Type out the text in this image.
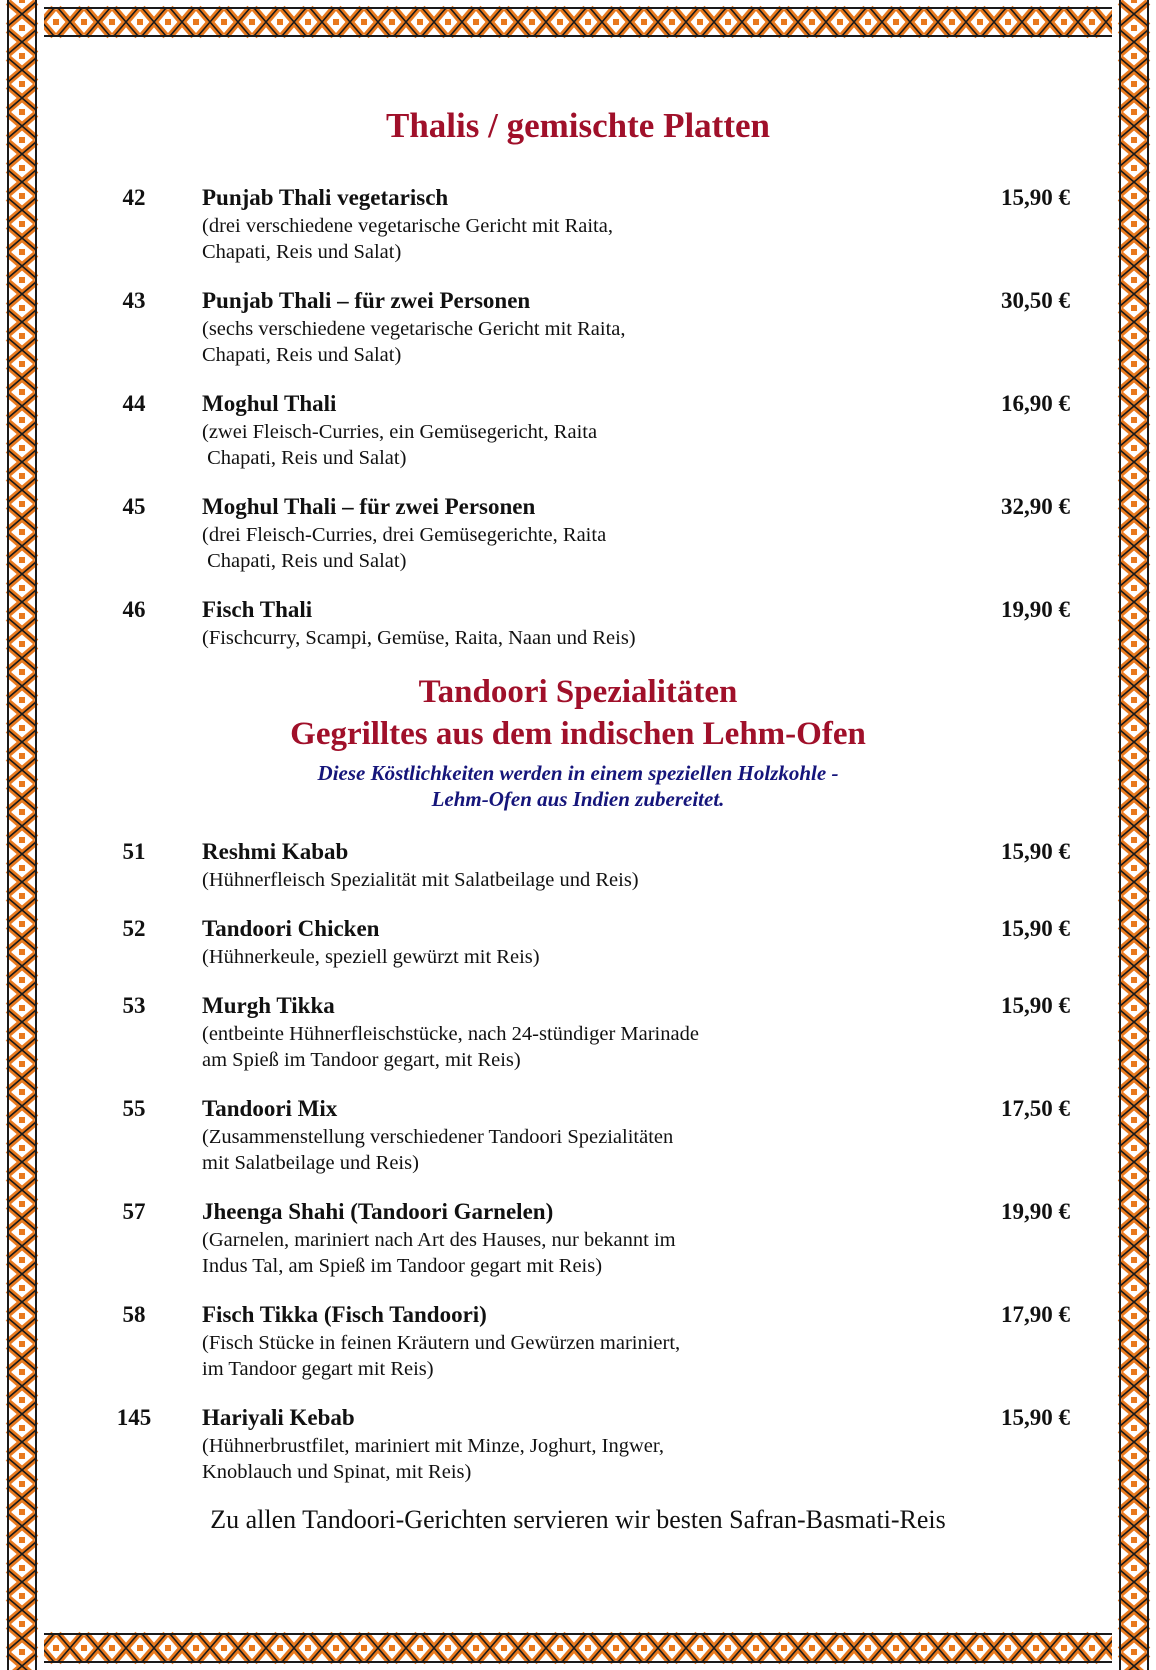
Thalis / gemischte Platten
42	Punjab Thali vegetarisch	15,90 €

(drei verschiedene vegetarische Gericht mit Raita,
Chapati, Reis und Salat)

43	Punjab Thali – für zwei Personen	30,50 €

(sechs verschiedene vegetarische Gericht mit Raita,
Chapati, Reis und Salat)

44	Moghul Thali	16,90 €

(zwei Fleisch-Curries, ein Gemüsegericht, Raita
Chapati, Reis und Salat)

45	Moghul Thali – für zwei Personen	32,90 €

(drei Fleisch-Curries, drei Gemüsegerichte, Raita
Chapati, Reis und Salat)

46	Fisch Thali	19,90 €

(Fischcurry, Scampi, Gemüse, Raita, Naan und Reis)

Tandoori Spezialitäten
Gegrilltes aus dem indischen Lehm-Ofen

Diese Köstlichkeiten werden in einem speziellen Holzkohle -

Lehm-Ofen aus Indien zubereitet.

51	Reshmi Kabab	15,90 €

(Hühnerfleisch Spezialität mit Salatbeilage und Reis)

52	Tandoori Chicken	15,90 €

(Hühnerkeule, speziell gewürzt mit Reis)

53	Murgh Tikka	15,90 €

(entbeinte Hühnerfleischstücke, nach 24-stündiger Marinade
am Spieß im Tandoor gegart, mit Reis)

55	Tandoori Mix	17,50 €

(Zusammenstellung verschiedener Tandoori Spezialitäten
mit Salatbeilage und Reis)

57	Jheenga Shahi (Tandoori Garnelen)	19,90 €

(Garnelen, mariniert nach Art des Hauses, nur bekannt im
Indus Tal, am Spieß im Tandoor gegart mit Reis)

58	Fisch Tikka (Fisch Tandoori)	17,90 €

(Fisch Stücke in feinen Kräutern und Gewürzen mariniert,
im Tandoor gegart mit Reis)

145	Hariyali Kebab	15,90 €

(Hühnerbrustfilet, mariniert mit Minze, Joghurt, Ingwer,
Knoblauch und Spinat, mit Reis)

Zu allen Tandoori-Gerichten servieren wir besten Safran-Basmati-Reis
